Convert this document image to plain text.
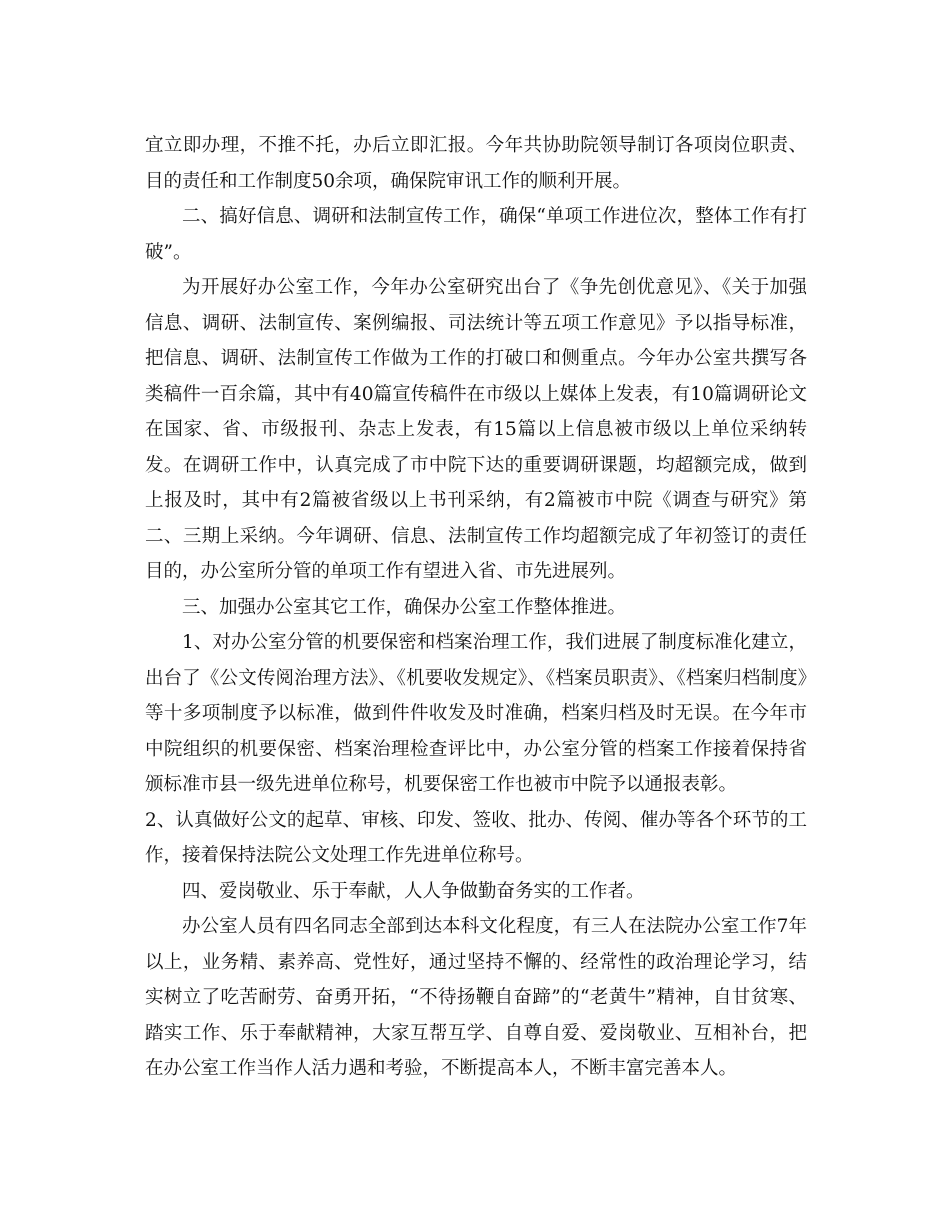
宜立即办理，不推不托，办后立即汇报。今年共协助院领导制订各项岗位职责、目的责任和工作制度50余项，确保院审讯工作的顺利开展。

二、搞好信息、调研和法制宣传工作，确保“单项工作进位次，整体工作有打破”。

为开展好办公室工作，今年办公室研究出台了《争先创优意见》、《关于加强信息、调研、法制宣传、案例编报、司法统计等五项工作意见》予以指导标准，把信息、调研、法制宣传工作做为工作的打破口和侧重点。今年办公室共撰写各类稿件一百余篇，其中有40篇宣传稿件在市级以上媒体上发表，有10篇调研论文在国家、省、市级报刊、杂志上发表，有15篇以上信息被市级以上单位采纳转发。在调研工作中，认真完成了市中院下达的重要调研课题，均超额完成，做到上报及时，其中有2篇被省级以上书刊采纳，有2篇被市中院《调查与研究》第二、三期上采纳。今年调研、信息、法制宣传工作均超额完成了年初签订的责任目的，办公室所分管的单项工作有望进入省、市先进展列。

三、加强办公室其它工作，确保办公室工作整体推进。

1、对办公室分管的机要保密和档案治理工作，我们进展了制度标准化建立，出台了《公文传阅治理方法》、《机要收发规定》、《档案员职责》、《档案归档制度》等十多项制度予以标准，做到件件收发及时准确，档案归档及时无误。在今年市中院组织的机要保密、档案治理检查评比中，办公室分管的档案工作接着保持省颁标准市县一级先进单位称号，机要保密工作也被市中院予以通报表彰。

2、认真做好公文的起草、审核、印发、签收、批办、传阅、催办等各个环节的工作，接着保持法院公文处理工作先进单位称号。

四、爱岗敬业、乐于奉献，人人争做勤奋务实的工作者。

办公室人员有四名同志全部到达本科文化程度，有三人在法院办公室工作7年以上，业务精、素养高、党性好，通过坚持不懈的、经常性的政治理论学习，结实树立了吃苦耐劳、奋勇开拓，“不待扬鞭自奋蹄”的“老黄牛”精神，自甘贫寒、踏实工作、乐于奉献精神，大家互帮互学、自尊自爱、爱岗敬业、互相补台，把在办公室工作当作人活力遇和考验，不断提高本人，不断丰富完善本人。
